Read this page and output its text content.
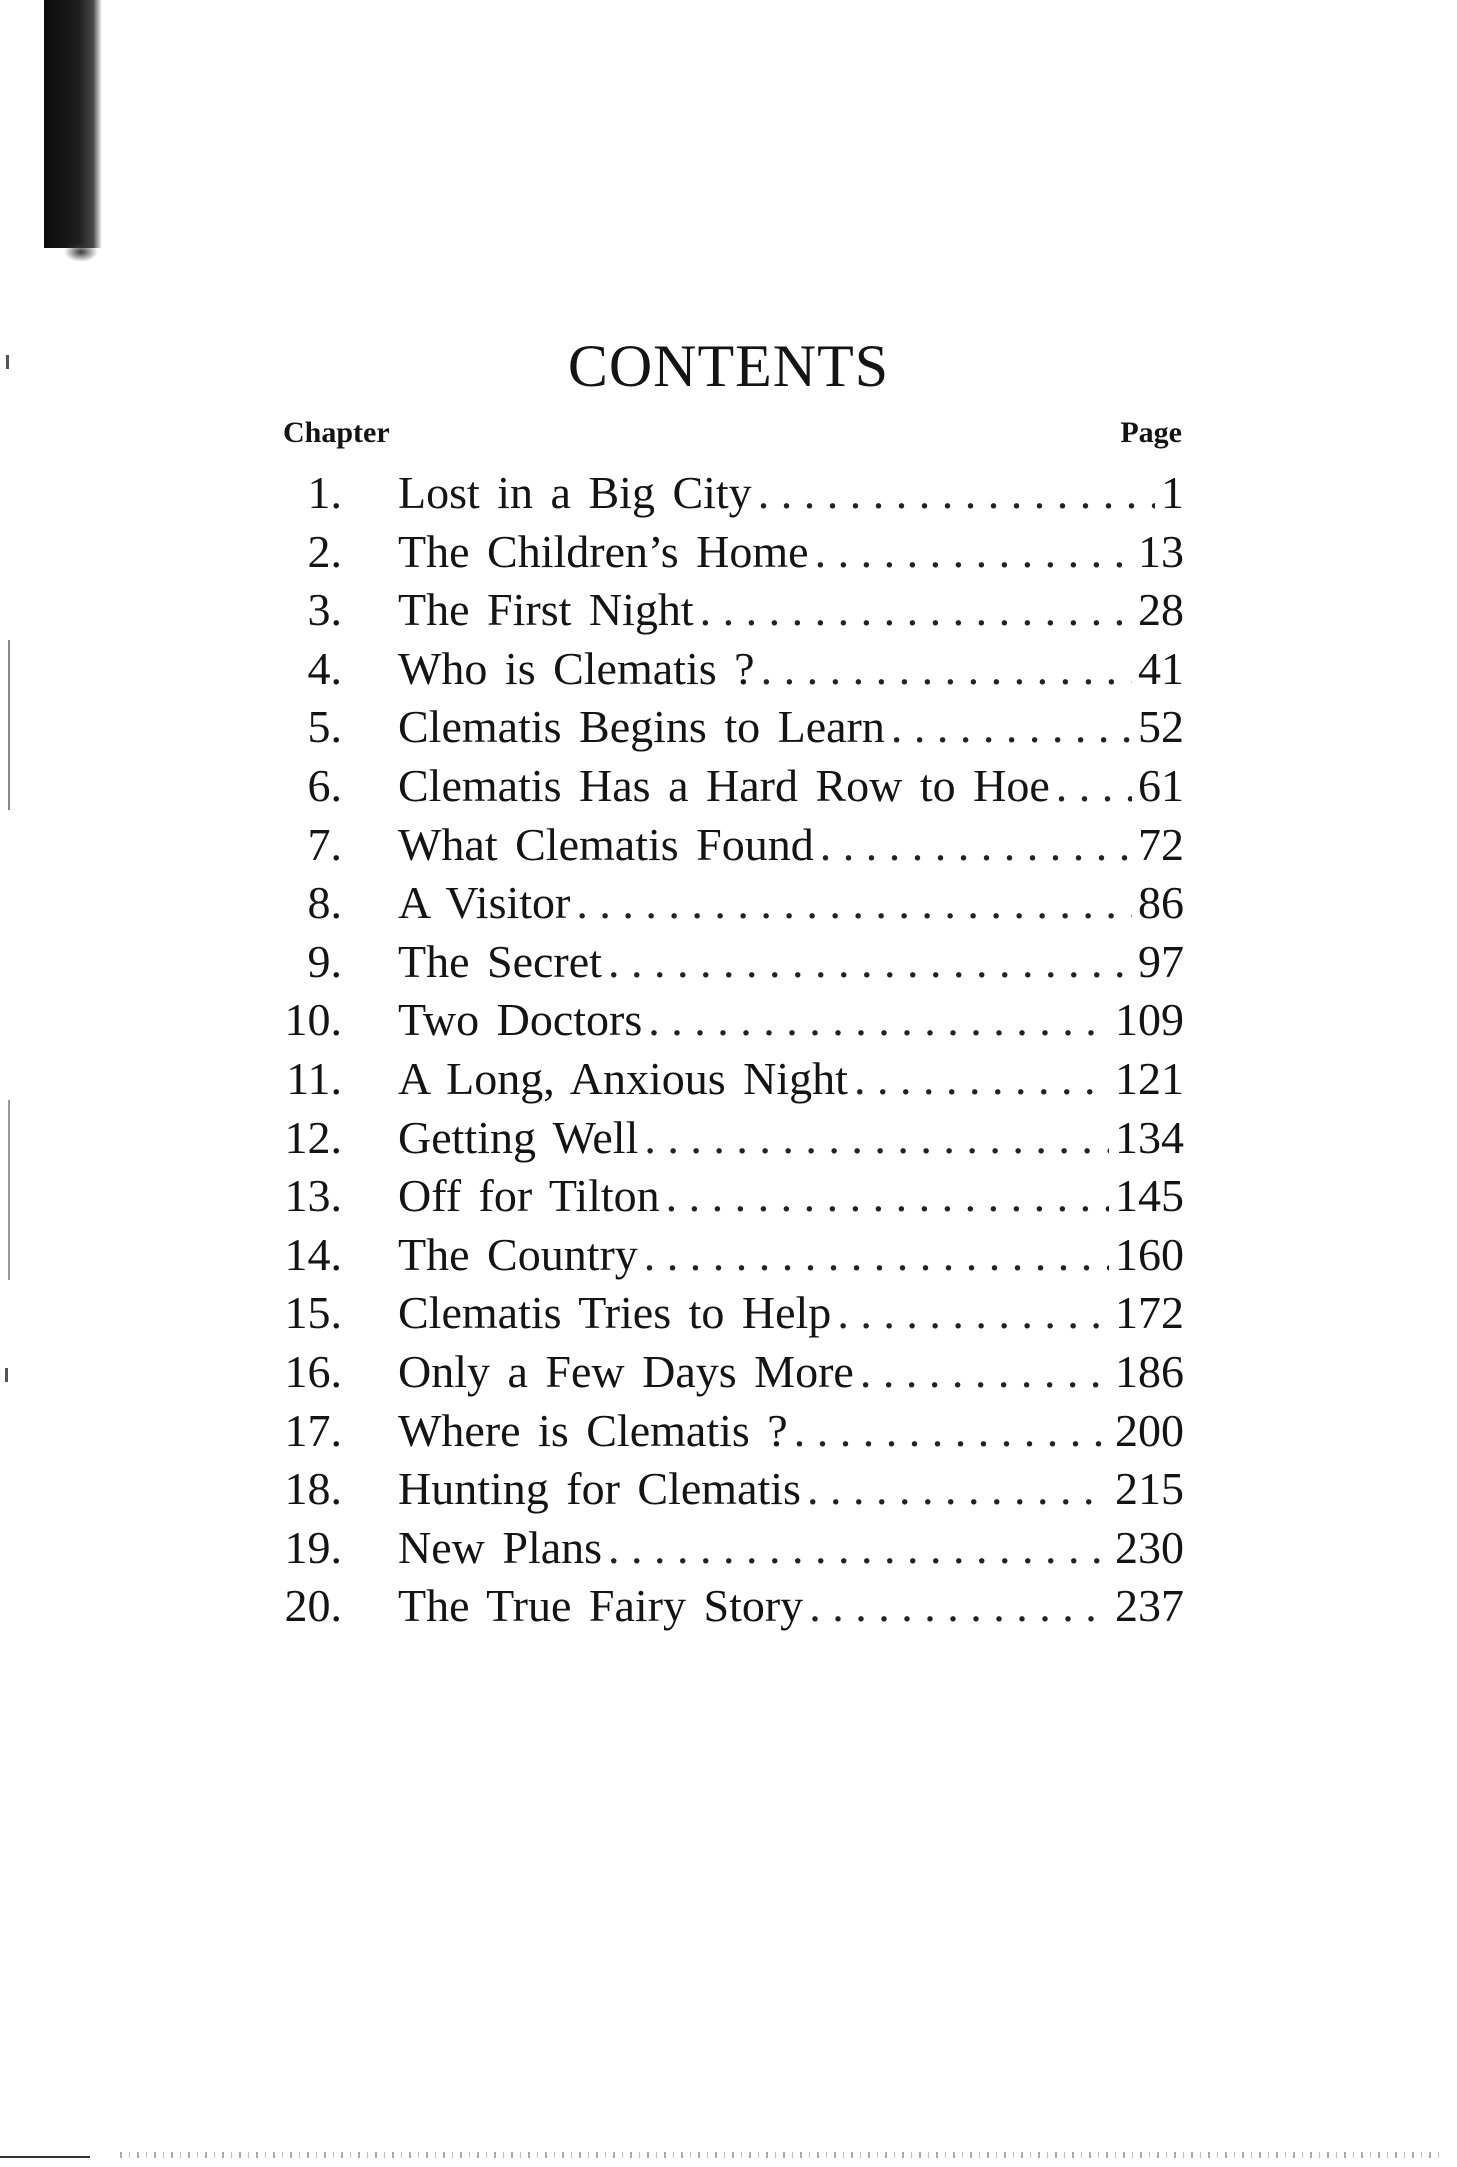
CONTENTS
Chapter	Page
1. Lost in a Big City . . .	1
2. The Children’s Home . . .	13
3. The First Night . . .	28
4. Who is Clematis ? . . .	41
5. Clematis Begins to Learn . . .	52
6. Clematis Has a Hard Row to Hoe . . . 61
7. What Clematis Found . . .	72
8. A Visitor . . .	86
9. The Secret . . .	97
10. Two Doctors . . .	109
11. A Long, Anxious Night . . .	121
12. Getting Well . . .	134
13. Off for Tilton . . .	145
14. The Country . . .	160
15. Clematis Tries to Help . . .	172
16. Only a Few Days More . . .	186
17. Where is Clematis ? . . .	200
18. Hunting for Clematis . . .	215
19. New Plans . . .	230
20. The True Fairy Story . . .	237
